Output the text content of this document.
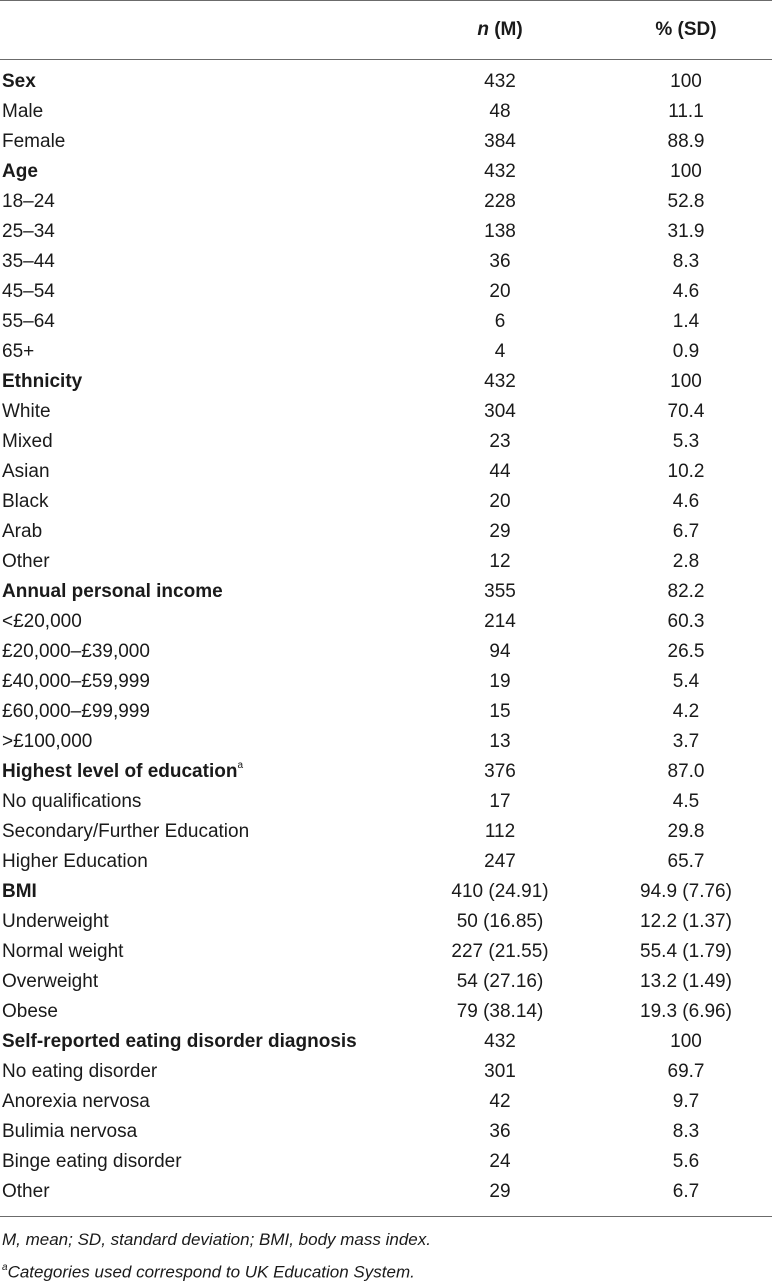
n (M)	% (SD)
Sex	432	100
Male	48	11.1
Female	384	88.9
Age	432	100
18–24	228	52.8
25–34	138	31.9
35–44	36	8.3
45–54	20	4.6
55–64	6	1.4
65+	4	0.9
Ethnicity	432	100
White	304	70.4
Mixed	23	5.3
Asian	44	10.2
Black	20	4.6
Arab	29	6.7
Other	12	2.8
Annual personal income	355	82.2
<£20,000	214	60.3
£20,000–£39,000	94	26.5
£40,000–£59,999	19	5.4
£60,000–£99,999	15	4.2
>£100,000	13	3.7
Highest level of education$^a$	376	87.0
No qualifications	17	4.5
Secondary/Further Education	112	29.8
Higher Education	247	65.7
BMI	410 (24.91)	94.9 (7.76)
Underweight	50 (16.85)	12.2 (1.37)
Normal weight	227 (21.55)	55.4 (1.79)
Overweight	54 (27.16)	13.2 (1.49)
Obese	79 (38.14)	19.3 (6.96)
Self-reported eating disorder diagnosis	432	100
No eating disorder	301	69.7
Anorexia nervosa	42	9.7
Bulimia nervosa	36	8.3
Binge eating disorder	24	5.6
Other	29	6.7
M, mean; SD, standard deviation; BMI, body mass index.
$^a$Categories used correspond to UK Education System.
